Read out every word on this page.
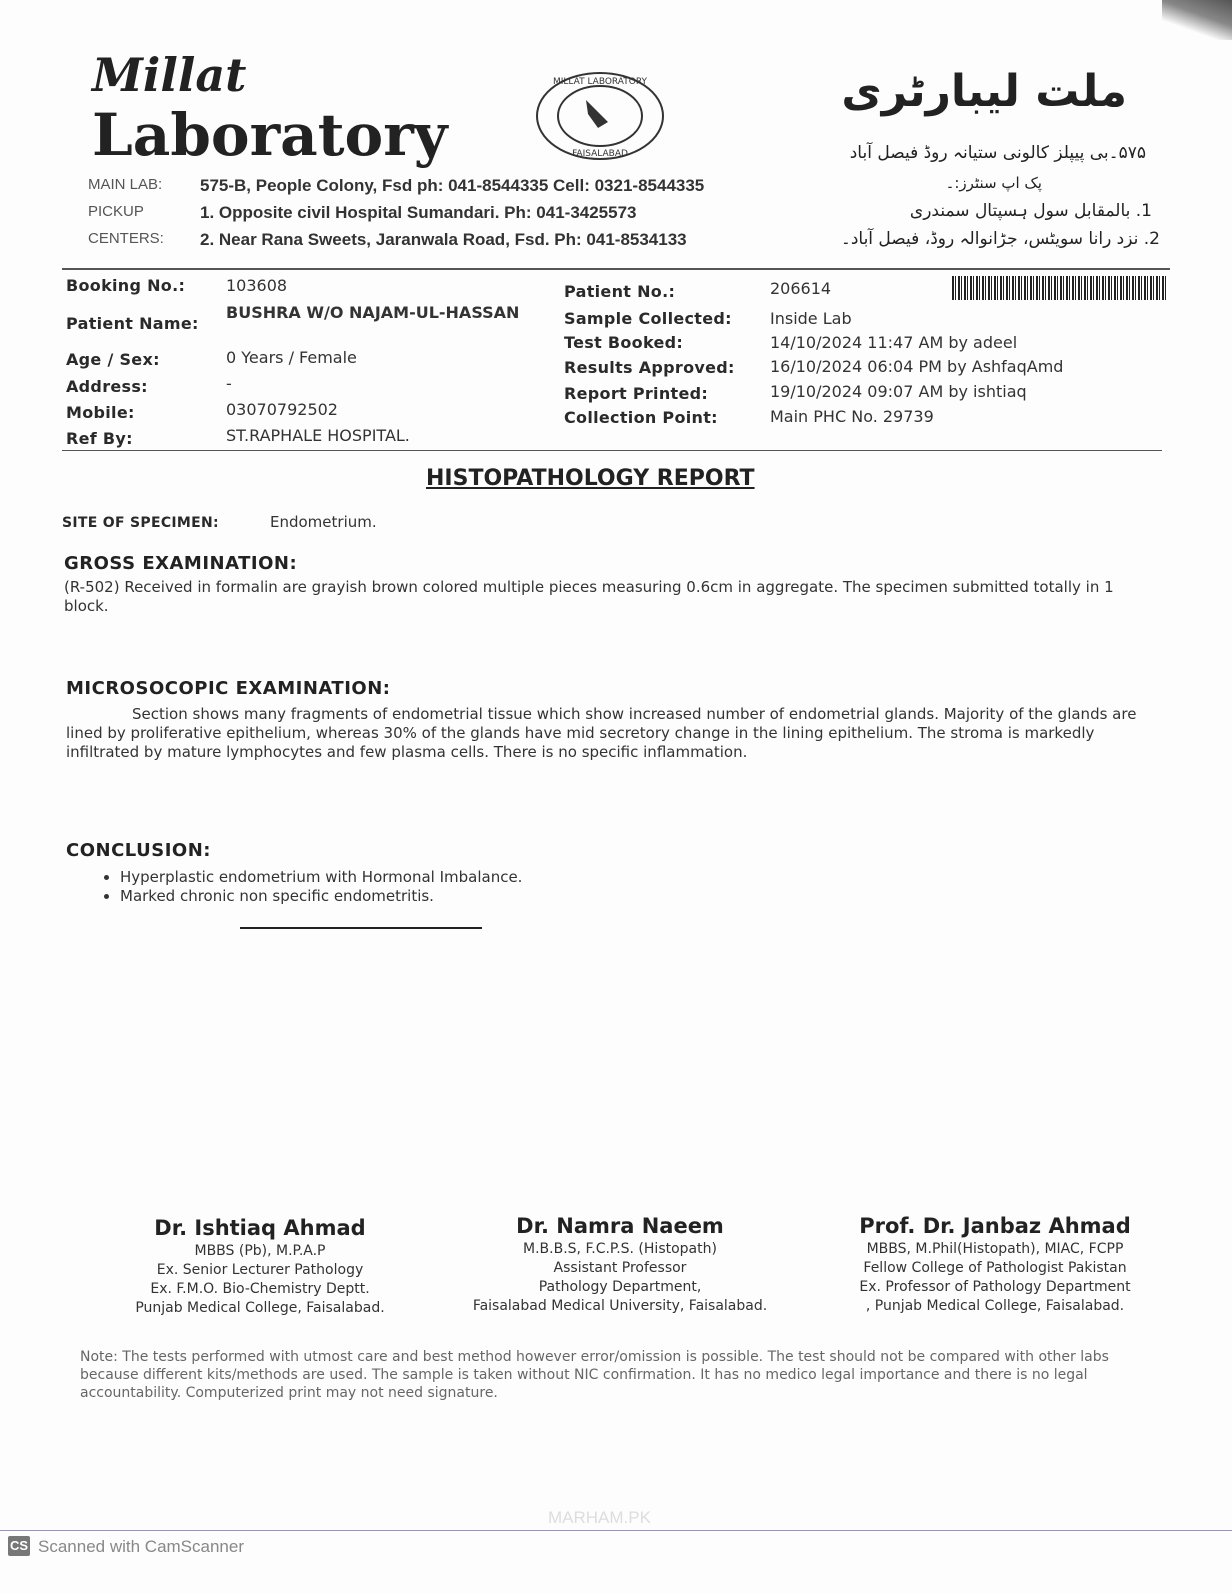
Millat
Laboratory
MILLAT LABORATORY
FAISALABAD
ملت لیبارٹری
۵۷۵۔بی پیپلز کالونی ستیانہ روڈ فیصل آباد
پک اپ سنٹرز:۔
1. بالمقابل سول ہسپتال سمندری
2. نزد رانا سویٹس، جڑانوالہ روڈ، فیصل آباد۔
MAIN LAB: 575-B, People Colony, Fsd ph: 041-8544335 Cell: 0321-8544335
PICKUP	1. Opposite civil Hospital Sumandari. Ph: 041-3425573
CENTERS: 2. Near Rana Sweets, Jaranwala Road, Fsd. Ph: 041-8534133
Booking No.:	103608
Patient Name:
BUSHRA W/O NAJAM-UL-HASSAN
Age / Sex:	0 Years / Female
Address:	-
Mobile:	03070792502
Ref By:	ST.RAPHALE HOSPITAL.
Patient No.:	206614
Sample Collected: Inside Lab
Test Booked:	14/10/2024 11:47 AM by adeel
Results Approved: 16/10/2024 06:04 PM by AshfaqAmd
Report Printed:	19/10/2024 09:07 AM by ishtiaq
Collection Point:	Main PHC No. 29739
HISTOPATHOLOGY REPORT
SITE OF SPECIMEN:	Endometrium.
GROSS EXAMINATION:
(R-502) Received in formalin are grayish brown colored multiple pieces measuring 0.6cm in aggregate. The specimen submitted totally in 1 block.
MICROSOCOPIC EXAMINATION:
Section shows many fragments of endometrial tissue which show increased number of endometrial glands. Majority of the glands are lined by proliferative epithelium, whereas 30% of the glands have mid secretory change in the lining epithelium. The stroma is markedly infiltrated by mature lymphocytes and few plasma cells. There is no specific inflammation.
CONCLUSION:
• Hyperplastic endometrium with Hormonal Imbalance.
• Marked chronic non specific endometritis.
Dr. Ishtiaq Ahmad
MBBS (Pb), M.P.A.P
Ex. Senior Lecturer Pathology
Ex. F.M.O. Bio-Chemistry Deptt.
Punjab Medical College, Faisalabad.
Dr. Namra Naeem
M.B.B.S, F.C.P.S. (Histopath)
Assistant Professor
Pathology Department,
Faisalabad Medical University, Faisalabad.
Prof. Dr. Janbaz Ahmad
MBBS, M.Phil(Histopath), MIAC, FCPP
Fellow College of Pathologist Pakistan
Ex. Professor of Pathology Department
, Punjab Medical College, Faisalabad.
Note: The tests performed with utmost care and best method however error/omission is possible. The test should not be compared with other labs because different kits/methods are used. The sample is taken without NIC confirmation. It has no medico legal importance and there is no legal accountability. Computerized print may not need signature.
MARHAM.PK
CS Scanned with CamScanner
